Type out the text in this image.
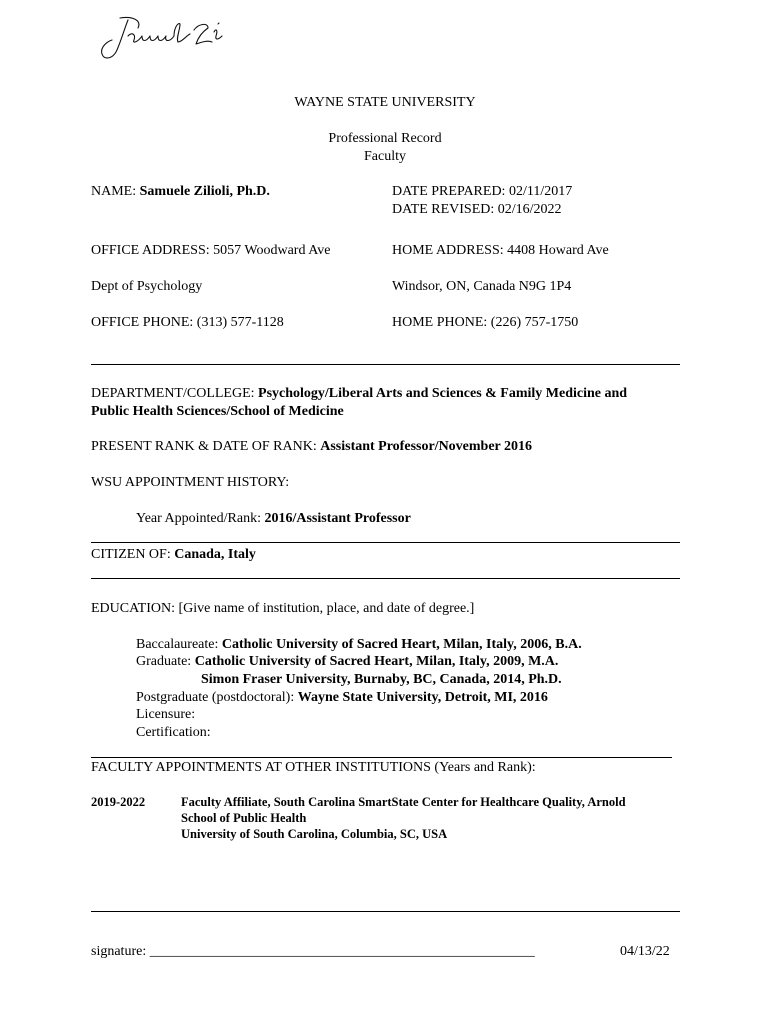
WAYNE STATE UNIVERSITY
Professional Record
Faculty
NAME: Samuele Zilioli, Ph.D.	DATE PREPARED: 02/11/2017
DATE REVISED: 02/16/2022
OFFICE ADDRESS: 5057 Woodward Ave	HOME ADDRESS: 4408 Howard Ave
Dept of Psychology	Windsor, ON, Canada N9G 1P4
OFFICE PHONE: (313) 577-1128	HOME PHONE: (226) 757-1750
DEPARTMENT/COLLEGE: Psychology/Liberal Arts and Sciences & Family Medicine and
Public Health Sciences/School of Medicine
PRESENT RANK & DATE OF RANK: Assistant Professor/November 2016
WSU APPOINTMENT HISTORY:
Year Appointed/Rank: 2016/Assistant Professor
CITIZEN OF: Canada, Italy
EDUCATION: [Give name of institution, place, and date of degree.]
Baccalaureate: Catholic University of Sacred Heart, Milan, Italy, 2006, B.A.
Graduate: Catholic University of Sacred Heart, Milan, Italy, 2009, M.A.
Simon Fraser University, Burnaby, BC, Canada, 2014, Ph.D.
Postgraduate (postdoctoral): Wayne State University, Detroit, MI, 2016
Licensure:
Certification:
FACULTY APPOINTMENTS AT OTHER INSTITUTIONS (Years and Rank):
2019-2022	Faculty Affiliate, South Carolina SmartState Center for Healthcare Quality, Arnold
School of Public Health
University of South Carolina, Columbia, SC, USA
signature: _______________________________________________________	04/13/22
